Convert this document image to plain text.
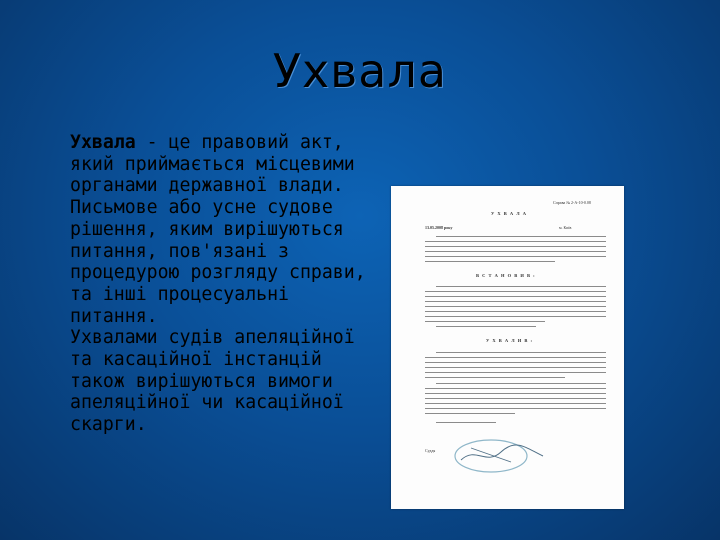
Ухвала
Ухвала - це правовий акт, який приймається місцевими органами державної влади.
Письмове або усне судове рішення, яким вирішуються питання, пов'язані з процедурою розгляду справи, та інші процесуальні питання.
Ухвалами судів апеляційної та касаційної інстанцій також вирішуються вимоги апеляційної чи касаційної скарги.
Справа № 2-А-10-0.08
У Х В А Л А
13.05.2008 року	м. Київ
В С Т А Н О В И В :
У Х В А Л И В :
Суддя
